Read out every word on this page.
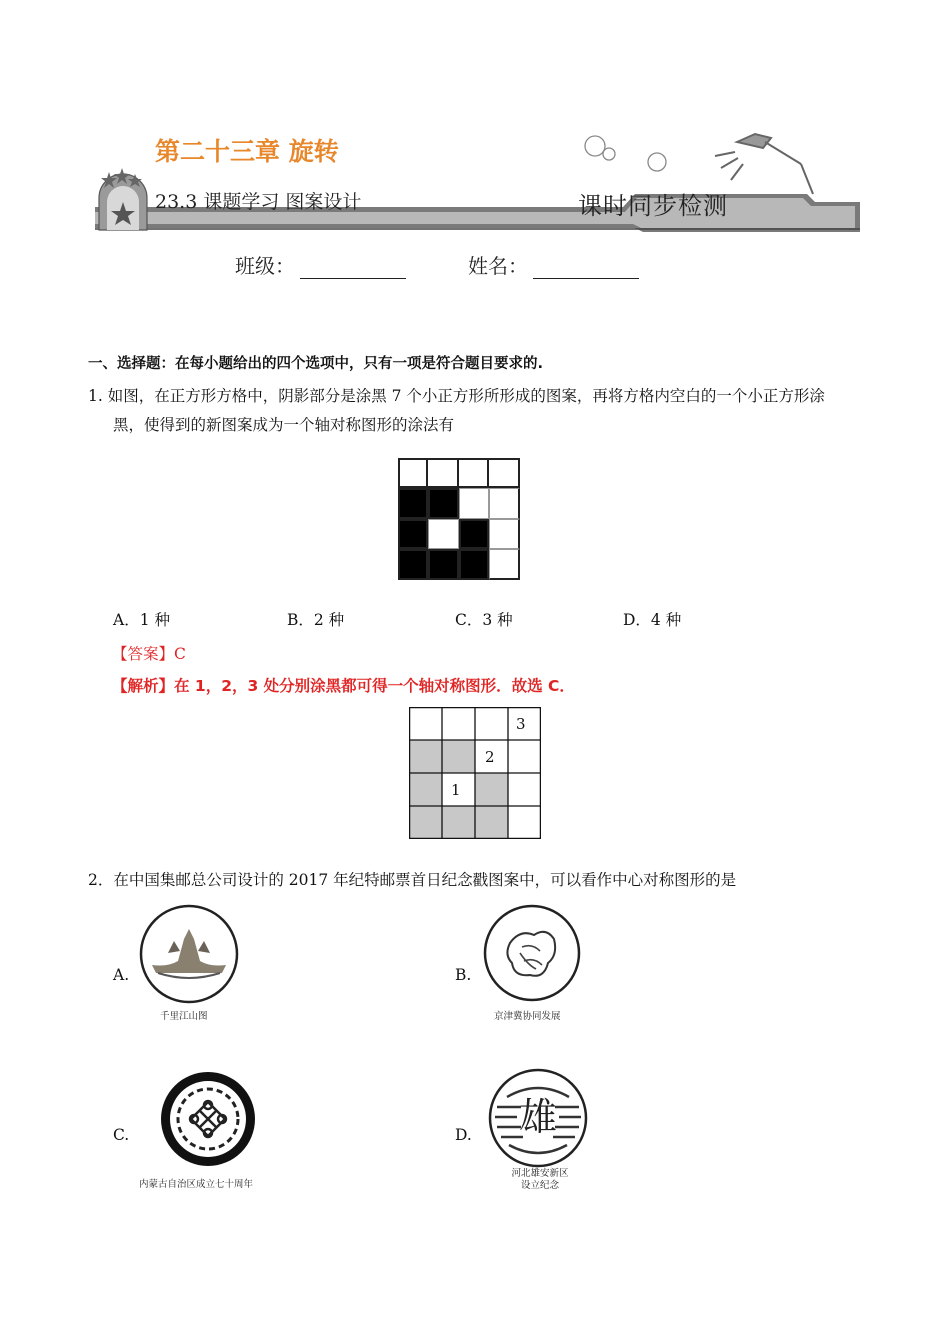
第二十三章 旋转
23.3 课题学习 图案设计	课时同步检测
班级：	姓名：
一、选择题：在每小题给出的四个选项中，只有一项是符合题目要求的.
1. 如图，在正方形方格中，阴影部分是涂黑 7 个小正方形所形成的图案，再将方格内空白的一个小正方形涂
黑，使得到的新图案成为一个轴对称图形的涂法有
A．1 种	B．2 种	C．3 种	D．4 种
【答案】C
【解析】在 1，2，3 处分别涂黑都可得一个轴对称图形．故选 C．
3
2
1
2．在中国集邮总公司设计的 2017 年纪特邮票首日纪念戳图案中，可以看作中心对称图形的是
A.
千里江山图
B.
京津冀协同发展
C.
内蒙古自治区成立七十周年
D. 雄
河北雄安新区
设立纪念
